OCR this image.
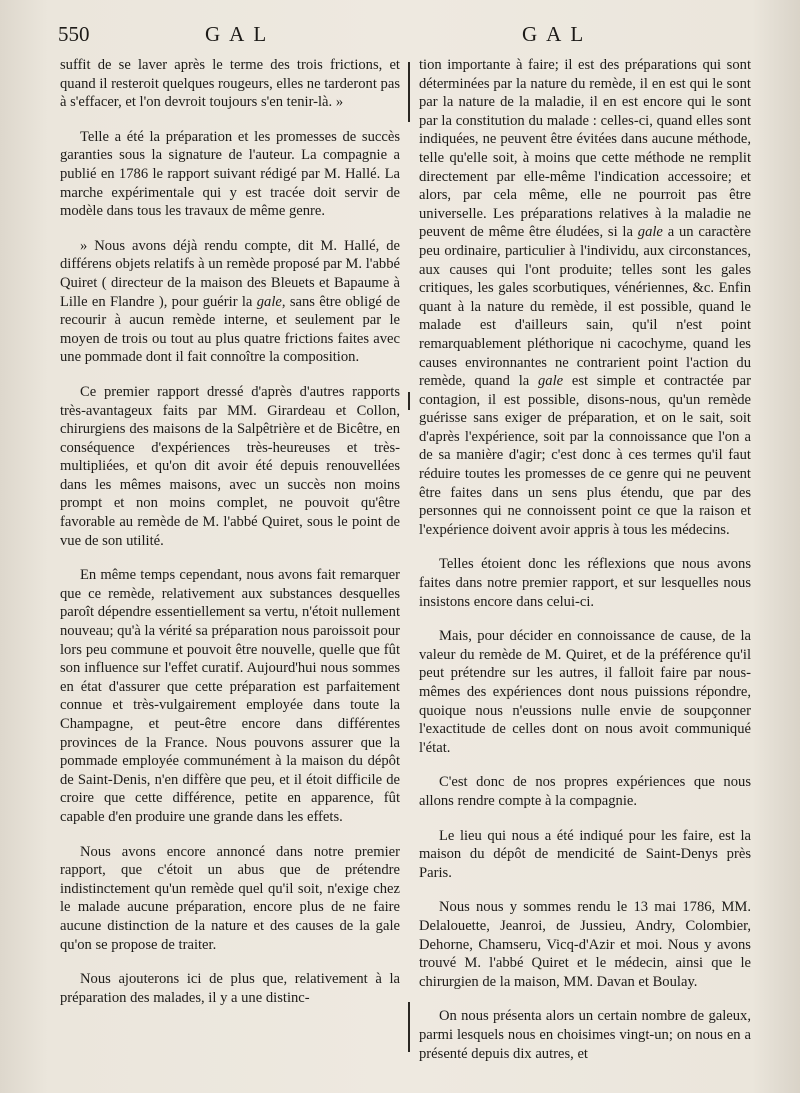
550	GAL	GAL

suffit de se laver après le terme des trois frictions, et quand il resteroit quelques rougeurs, elles ne tarderont pas à s'effacer, et l'on devroit toujours s'en tenir-là. »

Telle a été la préparation et les promesses de succès garanties sous la signature de l'auteur. La compagnie a publié en 1786 le rapport suivant rédigé par M. Hallé. La marche expérimentale qui y est tracée doit servir de modèle dans tous les travaux de même genre.

» Nous avons déjà rendu compte, dit M. Hallé, de différens objets relatifs à un remède proposé par M. l'abbé Quiret ( directeur de la maison des Bleuets et Bapaume à Lille en Flandre ), pour guérir la gale, sans être obligé de recourir à aucun remède interne, et seulement par le moyen de trois ou tout au plus quatre frictions faites avec une pommade dont il fait connoître la composition.

Ce premier rapport dressé d'après d'autres rapports très-avantageux faits par MM. Girardeau et Collon, chirurgiens des maisons de la Salpêtrière et de Bicêtre, en conséquence d'expériences très-heureuses et très-multipliées, et qu'on dit avoir été depuis renouvellées dans les mêmes maisons, avec un succès non moins prompt et non moins complet, ne pouvoit qu'être favorable au remède de M. l'abbé Quiret, sous le point de vue de son utilité.

En même temps cependant, nous avons fait remarquer que ce remède, relativement aux substances desquelles paroît dépendre essentiellement sa vertu, n'étoit nullement nouveau; qu'à la vérité sa préparation nous paroissoit pour lors peu commune et pouvoit être nouvelle, quelle que fût son influence sur l'effet curatif. Aujourd'hui nous sommes en état d'assurer que cette préparation est parfaitement connue et très-vulgairement employée dans toute la Champagne, et peut-être encore dans différentes provinces de la France. Nous pouvons assurer que la pommade employée communément à la maison du dépôt de Saint-Denis, n'en diffère que peu, et il étoit difficile de croire que cette différence, petite en apparence, fût capable d'en produire une grande dans les effets.

Nous avons encore annoncé dans notre premier rapport, que c'étoit un abus que de prétendre indistinctement qu'un remède quel qu'il soit, n'exige chez le malade aucune préparation, encore plus de ne faire aucune distinction de la nature et des causes de la gale qu'on se propose de traiter.

Nous ajouterons ici de plus que, relativement à la préparation des malades, il y a une distinc-

tion importante à faire; il est des préparations qui sont déterminées par la nature du remède, il en est qui le sont par la nature de la maladie, il en est encore qui le sont par la constitution du malade : celles-ci, quand elles sont indiquées, ne peuvent être évitées dans aucune méthode, telle qu'elle soit, à moins que cette méthode ne remplit directement par elle-même l'indication accessoire; et alors, par cela même, elle ne pourroit pas être universelle. Les préparations relatives à la maladie ne peuvent de même être éludées, si la gale a un caractère peu ordinaire, particulier à l'individu, aux circonstances, aux causes qui l'ont produite; telles sont les gales critiques, les gales scorbutiques, vénériennes, &c. Enfin quant à la nature du remède, il est possible, quand le malade est d'ailleurs sain, qu'il n'est point remarquablement pléthorique ni cacochyme, quand les causes environnantes ne contrarient point l'action du remède, quand la gale est simple et contractée par contagion, il est possible, disons-nous, qu'un remède guérisse sans exiger de préparation, et on le sait, soit d'après l'expérience, soit par la connoissance que l'on a de sa manière d'agir; c'est donc à ces termes qu'il faut réduire toutes les promesses de ce genre qui ne peuvent être faites dans un sens plus étendu, que par des personnes qui ne connoissent point ce que la raison et l'expérience doivent avoir appris à tous les médecins.

Telles étoient donc les réflexions que nous avons faites dans notre premier rapport, et sur lesquelles nous insistons encore dans celui-ci.

Mais, pour décider en connoissance de cause, de la valeur du remède de M. Quiret, et de la préférence qu'il peut prétendre sur les autres, il falloit faire par nous-mêmes des expériences dont nous puissions répondre, quoique nous n'eussions nulle envie de soupçonner l'exactitude de celles dont on nous avoit communiqué l'état.

C'est donc de nos propres expériences que nous allons rendre compte à la compagnie.

Le lieu qui nous a été indiqué pour les faire, est la maison du dépôt de mendicité de Saint-Denys près Paris.

Nous nous y sommes rendu le 13 mai 1786, MM. Delalouette, Jeanroi, de Jussieu, Andry, Colombier, Dehorne, Chamseru, Vicq-d'Azir et moi. Nous y avons trouvé M. l'abbé Quiret et le médecin, ainsi que le chirurgien de la maison, MM. Davan et Boulay.

On nous présenta alors un certain nombre de galeux, parmi lesquels nous en choisimes vingt-un; on nous en a présenté depuis dix autres, et
